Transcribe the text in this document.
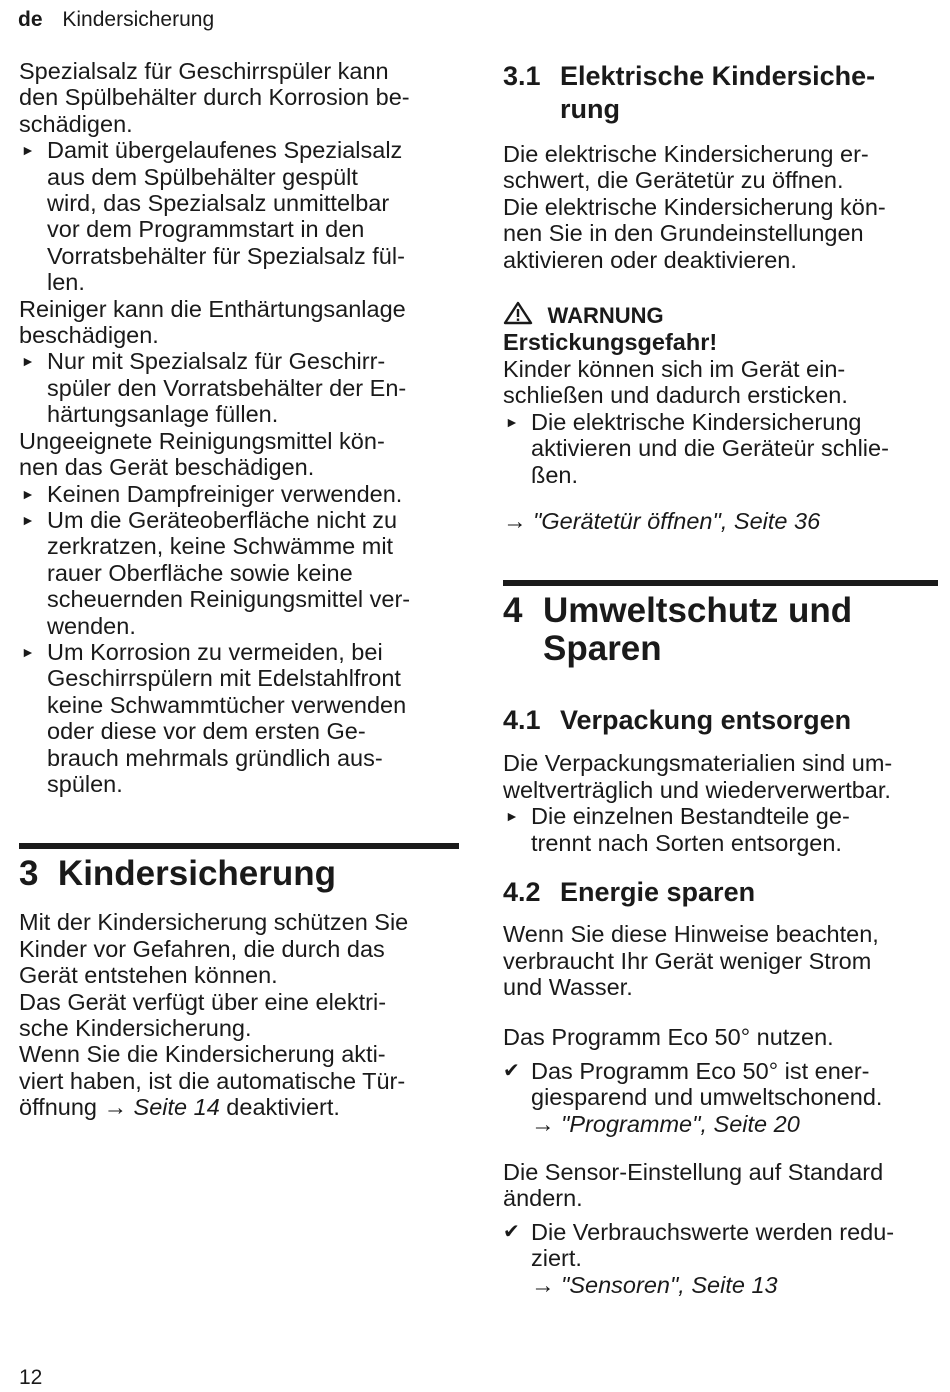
de Kindersicherung

Spezialsalz für Geschirrspüler kann
den Spülbehälter durch Korrosion be-
schädigen.

► Damit übergelaufenes Spezialsalz
aus dem Spülbehälter gespült
wird, das Spezialsalz unmittelbar
vor dem Programmstart in den
Vorratsbehälter für Spezialsalz fül-
len.

Reiniger kann die Enthärtungsanlage
beschädigen.

► Nur mit Spezialsalz für Geschirr-
spüler den Vorratsbehälter der En-
härtungsanlage füllen.

Ungeeignete Reinigungsmittel kön-
nen das Gerät beschädigen.

► Keinen Dampfreiniger verwenden.
► Um die Geräteoberfläche nicht zu
zerkratzen, keine Schwämme mit
rauer Oberfläche sowie keine
scheuernden Reinigungsmittel ver-
wenden.
► Um Korrosion zu vermeiden, bei
Geschirrspülern mit Edelstahlfront
keine Schwammtücher verwenden
oder diese vor dem ersten Ge-
brauch mehrmals gründlich aus-
spülen.
3 Kindersicherung

Mit der Kindersicherung schützen Sie
Kinder vor Gefahren, die durch das
Gerät entstehen können.

Das Gerät verfügt über eine elektri-
sche Kindersicherung.

Wenn Sie die Kindersicherung akti-
viert haben, ist die automatische Tür-
öffnung → Seite 14 deaktiviert.

3.1 Elektrische Kindersiche-
rung

Die elektrische Kindersicherung er-
schwert, die Gerätetür zu öffnen.

Die elektrische Kindersicherung kön-
nen Sie in den Grundeinstellungen
aktivieren oder deaktivieren.

WARNUNG
Erstickungsgefahr!

Kinder können sich im Gerät ein-
schließen und dadurch ersticken.

► Die elektrische Kindersicherung
aktivieren und die Geräteür schlie-
ßen.

→ "Gerätetür öffnen", Seite 36

4 Umweltschutz und
Sparen
4.1 Verpackung entsorgen

Die Verpackungsmaterialien sind um-
weltverträglich und wiederverwertbar.

► Die einzelnen Bestandteile ge-
trennt nach Sorten entsorgen.
4.2 Energie sparen

Wenn Sie diese Hinweise beachten,
verbraucht Ihr Gerät weniger Strom
und Wasser.

Das Programm Eco 50° nutzen.

✔ Das Programm Eco 50° ist ener-
giesparend und umweltschonend.
→ "Programme", Seite 20

Die Sensor-Einstellung auf Standard
ändern.

✔ Die Verbrauchswerte werden redu-
ziert.
→ "Sensoren", Seite 13
12
